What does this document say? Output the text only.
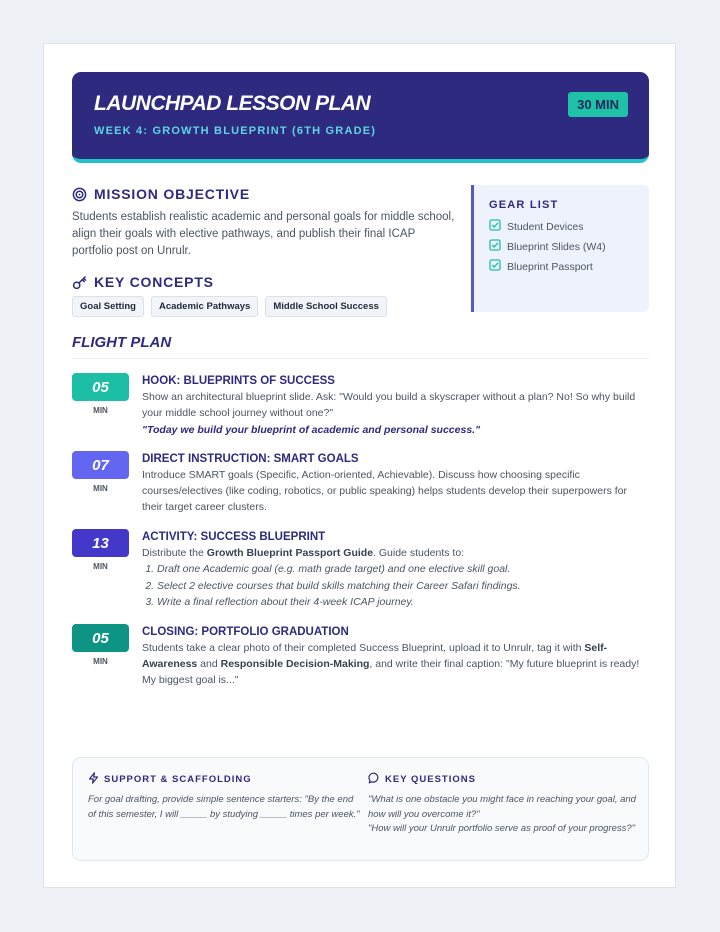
LAUNCHPAD LESSON PLAN
WEEK 4: GROWTH BLUEPRINT (6TH GRADE)
30 MIN
MISSION OBJECTIVE

Students establish realistic academic and personal goals for middle school, align their goals with elective pathways, and publish their final ICAP portfolio post on Unrulr.

KEY CONCEPTS
Goal Setting	Academic Pathways	Middle School Success
GEAR LIST
Student Devices
Blueprint Slides (W4)
Blueprint Passport
FLIGHT PLAN
05
MIN
HOOK: BLUEPRINTS OF SUCCESS
Show an architectural blueprint slide. Ask: "Would you build a skyscraper without a plan? No! So why build your middle school journey without one?"
"Today we build your blueprint of academic and personal success."
07
MIN
DIRECT INSTRUCTION: SMART GOALS
Introduce SMART goals (Specific, Action-oriented, Achievable). Discuss how choosing specific courses/electives (like coding, robotics, or public speaking) helps students develop their superpowers for their target career clusters.
13
MIN
ACTIVITY: SUCCESS BLUEPRINT
Distribute the Growth Blueprint Passport Guide. Guide students to:
1. Draft one Academic goal (e.g. math grade target) and one elective skill goal.
2. Select 2 elective courses that build skills matching their Career Safari findings.
3. Write a final reflection about their 4-week ICAP journey.
05
MIN
CLOSING: PORTFOLIO GRADUATION
Students take a clear photo of their completed Success Blueprint, upload it to Unrulr, tag it with Self-Awareness and Responsible Decision-Making, and write their final caption: "My future blueprint is ready! My biggest goal is..."
SUPPORT & SCAFFOLDING
For goal drafting, provide simple sentence starters: "By the end of this semester, I will _____ by studying _____ times per week."
KEY QUESTIONS
"What is one obstacle you might face in reaching your goal, and how will you overcome it?"
"How will your Unrulr portfolio serve as proof of your progress?"
